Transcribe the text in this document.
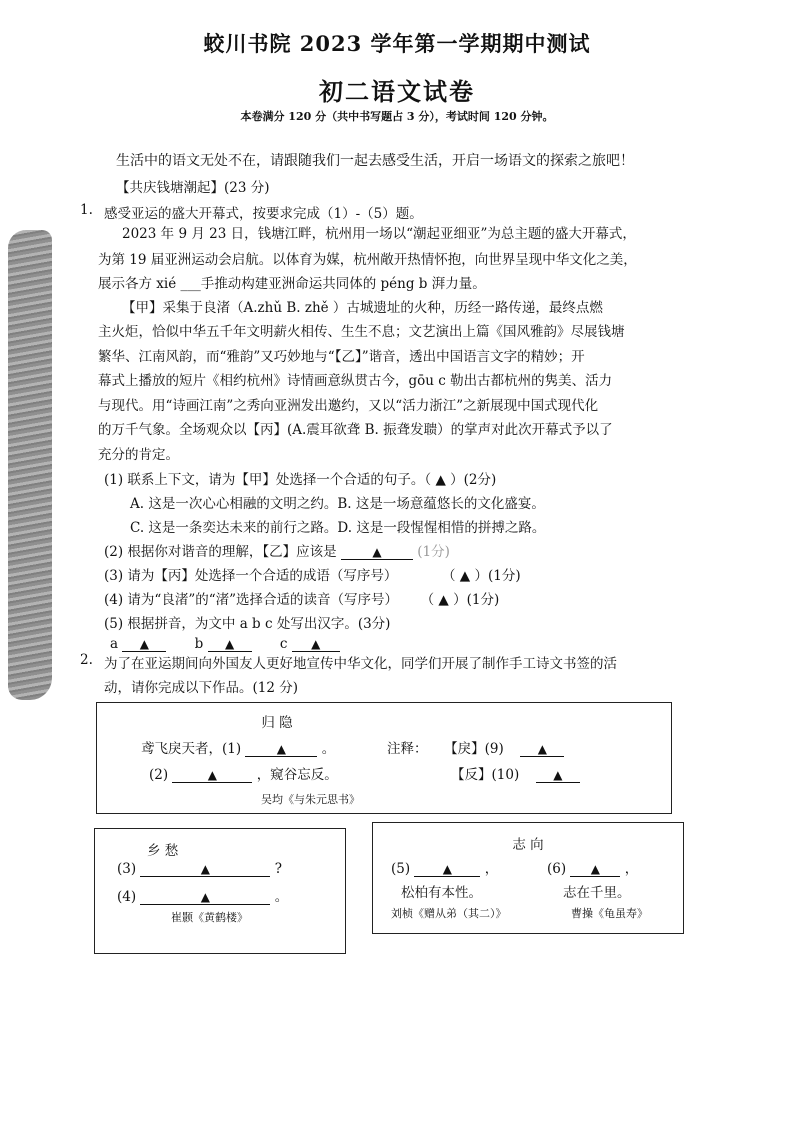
蛟川书院 2023 学年第一学期期中测试
初二语文试卷
本卷满分 120 分（共中书写题占 3 分），考试时间 120 分钟。
生活中的语文无处不在，请跟随我们一起去感受生活，开启一场语文的探索之旅吧！
【共庆钱塘潮起】(23 分)
1. 感受亚运的盛大开幕式，按要求完成（1）-（5）题。
2023 年 9 月 23 日，钱塘江畔，杭州用一场以“潮起亚细亚”为总主题的盛大开幕式，
为第 19 届亚洲运动会启航。以体育为媒，杭州敞开热情怀抱，向世界呈现中华文化之美，
展示各方 xié ___手推动构建亚洲命运共同体的 péng b 湃力量。
【甲】采集于良渚（A.zhǔ B. zhě ）古城遗址的火种，历经一路传递，最终点燃
主火炬，恰似中华五千年文明薪火相传、生生不息；文艺演出上篇《国风雅韵》尽展钱塘
繁华、江南风韵，而“雅韵”又巧妙地与“【乙】”谐音，透出中国语言文字的精妙；开
幕式上播放的短片《相约杭州》诗情画意纵贯古今，gōu c 勒出古都杭州的隽美、活力
与现代。用“诗画江南”之秀向亚洲发出邀约，又以“活力浙江”之新展现中国式现代化
的万千气象。全场观众以【丙】(A.震耳欲聋 B. 振聋发聩）的掌声对此次开幕式予以了
充分的肯定。
(1) 联系上下文，请为【甲】处选择一个合适的句子。（ ▲ ）(2分)
A. 这是一次心心相融的文明之约。B. 这是一场意蕴悠长的文化盛宴。
C. 这是一条奕达未来的前行之路。D. 这是一段惺惺相惜的拼搏之路。
(2) 根据你对谐音的理解，【乙】应该是	▲	(1分)
(3) 请为【丙】处选择一个合适的成语（写序号）	（ ▲ ）(1分)
(4) 请为“良渚”的“渚”选择合适的读音（写序号） （ ▲ ）(1分)
(5) 根据拼音，为文中 a b c 处写出汉字。(3分)
a ▲	b ▲	c ▲
2. 为了在亚运期间向外国友人更好地宣传中华文化，同学们开展了制作手工诗文书签的活
动，请你完成以下作品。(12 分)
归 隐
鸢飞戾天者，(1)	▲	。
(2)	▲	，窥谷忘反。
注释： 【戾】(9)	▲
【反】(10)	▲
吴均《与朱元思书》
乡 愁
(3)	▲	?
(4)	▲	。
崔颢《黄鹤楼》
志 向
(5)	▲ ，	(6) ▲ ，
松柏有本性。	志在千里。
刘桢《赠从弟（其二）》	曹操《龟虽寿》
